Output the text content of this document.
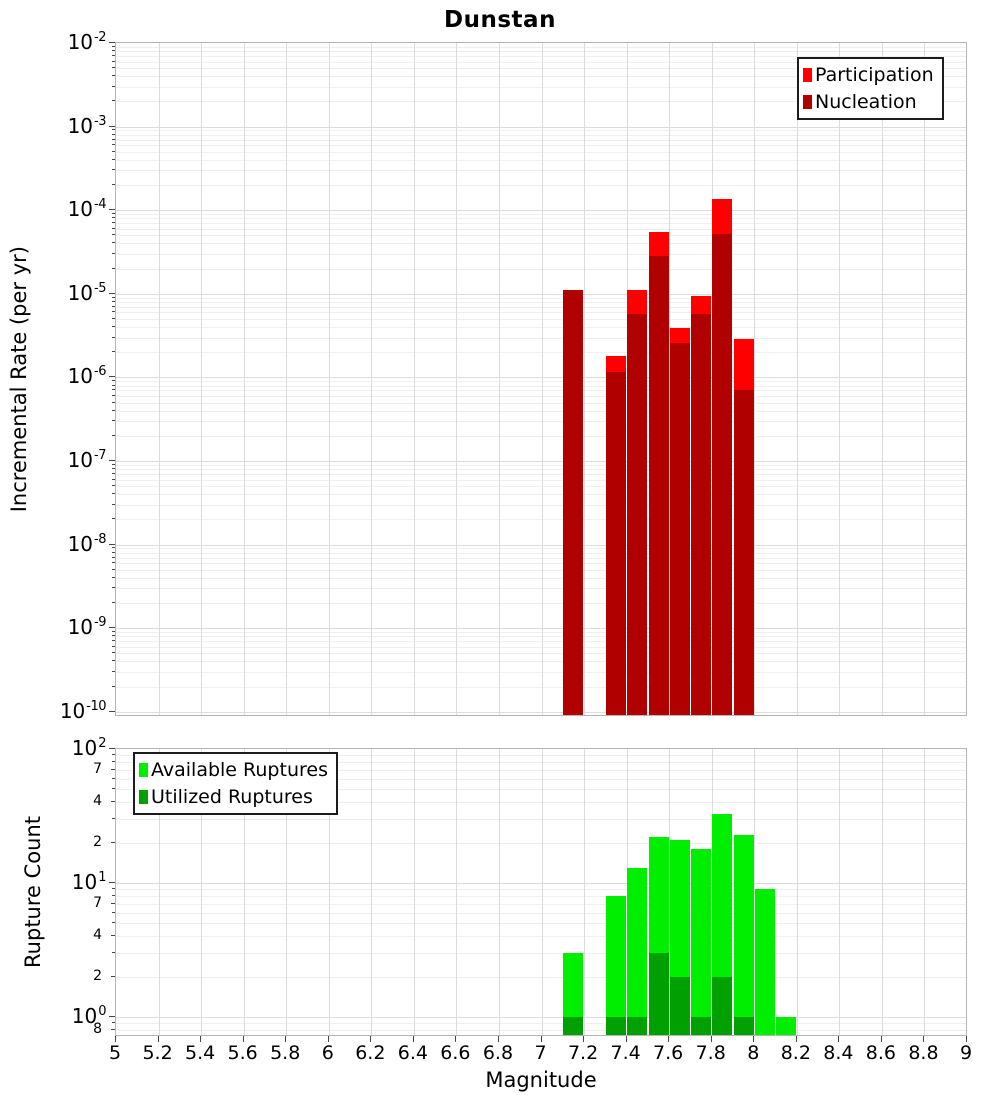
Dunstan
Incremental Rate (per yr)
Rupture Count
Magnitude
$10^{-2}$
$10^{-3}$
$10^{-4}$
$10^{-5}$
$10^{-6}$
$10^{-7}$
$10^{-8}$
$10^{-9}$
$10^{-10}$
$10^2$
$10^1$
$10^0$
7
4
2
7
4
2
8
5	5.2 5.4 5.6 5.8	6	6.2 6.4 6.6 6.8	7	7.2 7.4 7.6 7.8	8	8.2 8.4 8.6 8.8	9
Participation
Nucleation
Available Ruptures
Utilized Ruptures
